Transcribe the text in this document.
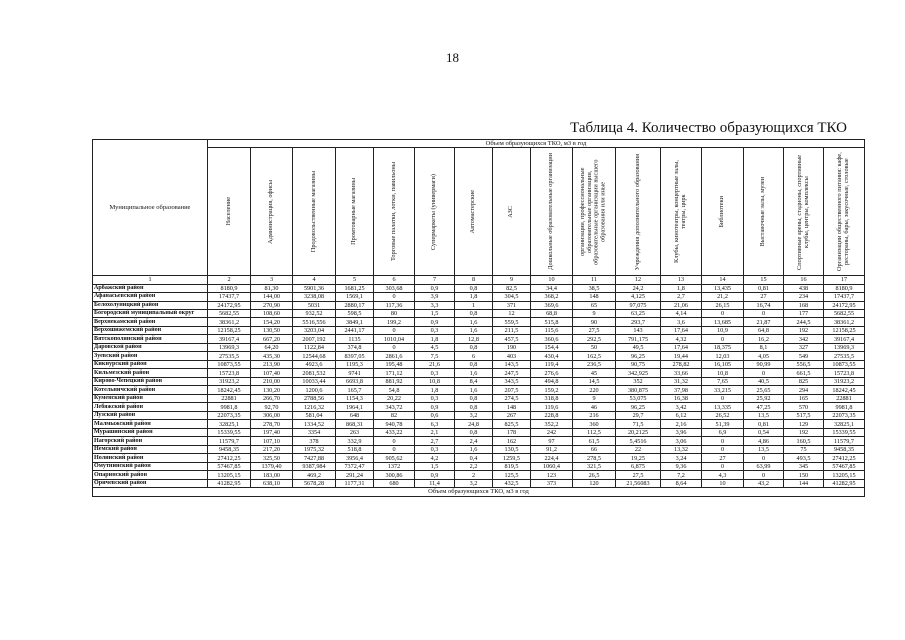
18
Таблица 4. Количество образующихся ТКО
Муниципальное образование	Объем образующихся ТКО, м3 в год															

	Население	Администрация, офисы	Продовольственные магазины	Промтоварные магазины	Торговые палатки, лотки, павильоны	Супермаркеты (универмаги)	Автомастерские	АЗС	Дошкольные образовательные организации	организации, профессиональные образовательные организации, образовательные организации высшего образования или иные	Учреждения дополнительного образования	Клубы, кинотеатры, концертные залы, театры, цирк	Библиотеки	Выставочные залы, музеи	Спортивные арены, стадионы, спортивные клубы, центры, комплексы	Организации общественного питания: кафе, рестораны, бары, закусочные, столовые

1	2	3	4	5	6	7	8	9	10	11	12	13	14	15	16	17
Арбажский район	8180,9	81,30	5901,36	1681,25	303,68	0,9	0,8	82,5	34,4	38,5	24,2	1,8	13,435	0,81	438	8180,9
Афанасьевский район	17437,7	144,00	3238,08	1569,1	0	3,9	1,8	304,5	368,2	148	4,125	2,7	21,2	27	234	17437,7
Белохолуницкий район	24172,95	270,90	5031	2880,17	117,36	3,3	1	371	369,6	65	97,075	21,06	26,15	16,74	168	24172,95
Богородский муниципальный округ	5682,55	108,60	932,52	598,5	80	1,5	0,8	12	68,8	9	63,25	4,14	0	0	177	5682,55
Верхнекамский район	38361,2	154,20	5516,556	3849,1	199,2	0,9	1,6	559,5	515,8	90	293,7	3,6	13,685	21,87	244,5	38361,2
Верхошижемский район	12158,25	130,50	3203,04	2441,17	0	0,3	1,6	211,5	115,6	27,5	143	17,64	10,9	64,8	192	12158,25
Вятскополянский район	39167,4	667,20	2007,192	1135	1010,04	1,8	12,8	457,5	360,6	292,5	791,175	4,32	0	16,2	342	39167,4
Даровской район	13969,3	64,20	1122,84	374,8	0	4,5	0,8	190	154,4	50	49,5	17,64	18,375	8,1	327	13969,3
Зуевский район	27535,5	435,30	12544,68	8397,05	2861,6	7,5	6	403	430,4	162,5	96,25	19,44	12,03	4,05	549	27535,5
Кикнурский район	10873,55	213,90	4923,6	1195,3	195,48	21,6	0,8	143,5	119,4	236,5	90,75	278,82	16,105	90,99	556,5	10873,55
Кильмезский район	15723,8	107,40	2081,532	9741	171,12	0,3	1,6	247,5	276,6	45	342,925	33,66	10,8	0	661,5	15723,8
Кирово-Чепецкий район	31923,2	210,00	10033,44	6693,8	881,92	10,8	8,4	343,5	494,8	14,5	352	31,32	7,65	40,5	825	31923,2
Котельничский район	18242,45	130,20	1200,6	165,7	54,8	1,8	1,6	207,5	159,2	220	380,875	37,98	33,215	25,65	294	18242,45
Куменский район	22881	266,70	2788,56	1154,3	20,22	0,3	0,8	274,5	318,8	9	53,075	16,38	0	25,92	165	22881
Лебяжский район	9981,8	92,70	1216,32	1964,1	343,72	0,9	0,8	148	119,6	46	96,25	3,42	13,335	47,25	570	9981,8
Лузский район	22073,35	306,00	581,04	648	82	0,6	3,2	267	228,8	216	29,7	6,12	26,52	13,5	517,5	22073,35
Малмыжский район	32825,1	278,70	1334,52	868,31	940,78	6,3	24,8	825,5	352,2	360	71,5	2,16	51,39	0,81	129	32825,1
Мурашинский район	15339,55	197,40	3354	263	433,22	2,1	0,8	178	242	112,5	20,2125	3,96	6,9	0,54	192	15339,55
Нагорский район	11579,7	107,10	378	332,9	0	2,7	2,4	162	97	61,5	5,4516	3,06	0	4,86	160,5	11579,7
Немский район	9458,35	217,20	1975,32	518,8	0	0,3	1,6	130,5	91,2	66	22	13,32	0	13,5	75	9458,35
Нолинский район	27412,25	325,50	7427,88	3956,4	905,62	4,2	0,4	1259,5	224,4	278,5	19,25	3,24	27	0	493,5	27412,25
Омутнинский район	57467,85	1379,40	9387,984	7372,47	1372	1,5	2,2	819,5	1060,4	321,5	6,875	9,36	0	63,99	345	57467,85
Опаринский район	13205,15	183,00	469,2	291,24	300,86	0,9	2	125,5	123	26,5	27,5	7,2	4,3	0	150	13205,15
Оричевский район	41282,95	638,10	5678,28	1177,31	680	11,4	3,2	432,5	373	120	21,56083	8,64	10	43,2	144	41282,95
Объем образующихся ТКО, м3 в год																
